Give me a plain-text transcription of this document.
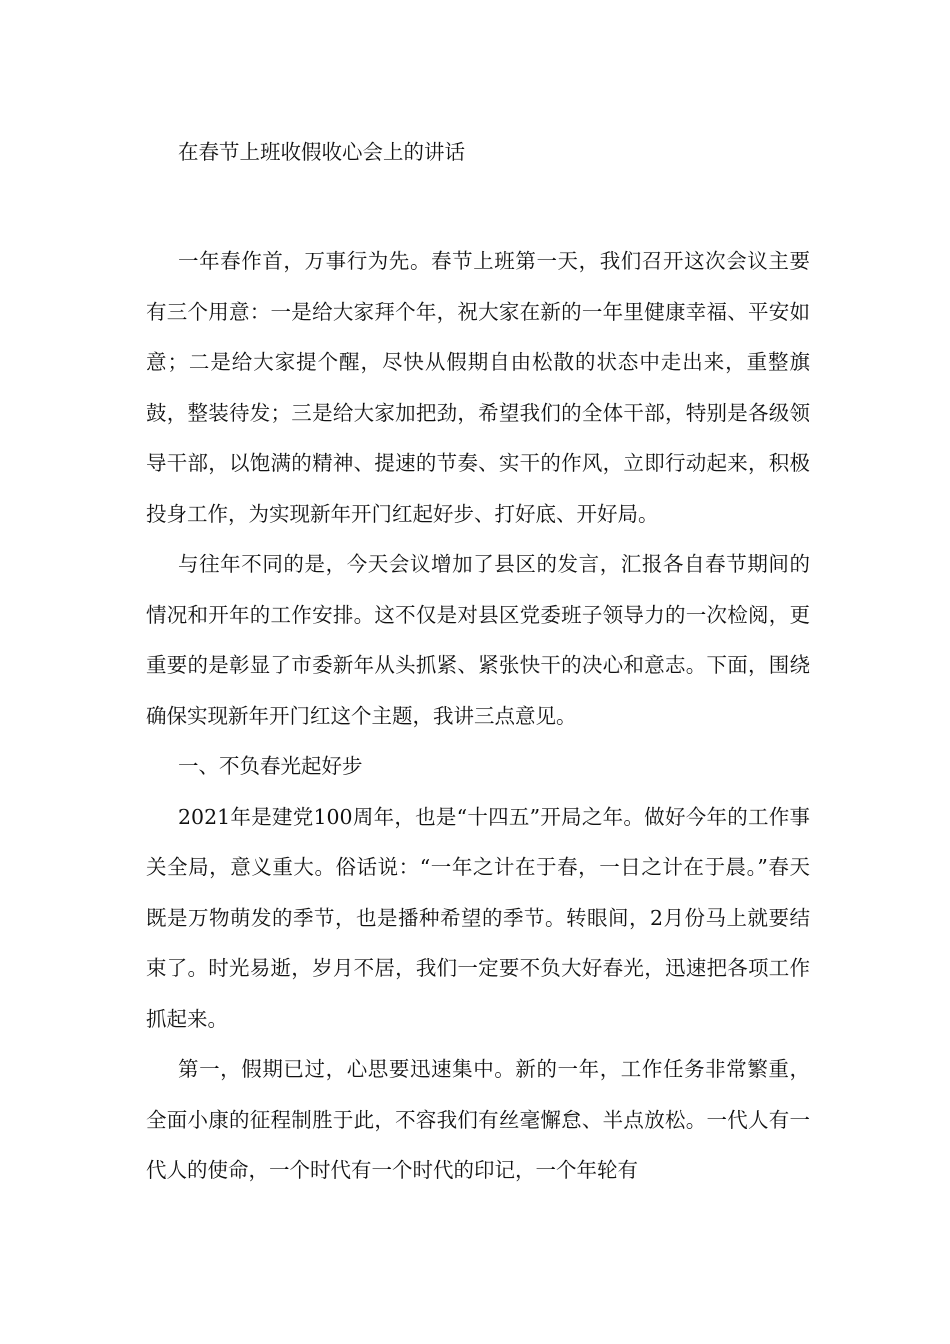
在春节上班收假收心会上的讲话

一年春作首，万事行为先。春节上班第一天，我们召开这次会议主要有三个用意：一是给大家拜个年，祝大家在新的一年里健康幸福、平安如意；二是给大家提个醒，尽快从假期自由松散的状态中走出来，重整旗鼓，整装待发；三是给大家加把劲，希望我们的全体干部，特别是各级领导干部，以饱满的精神、提速的节奏、实干的作风，立即行动起来，积极投身工作，为实现新年开门红起好步、打好底、开好局。

与往年不同的是，今天会议增加了县区的发言，汇报各自春节期间的情况和开年的工作安排。这不仅是对县区党委班子领导力的一次检阅，更重要的是彰显了市委新年从头抓紧、紧张快干的决心和意志。下面，围绕确保实现新年开门红这个主题，我讲三点意见。

一、不负春光起好步

2021年是建党100周年，也是“十四五”开局之年。做好今年的工作事关全局，意义重大。俗话说：“一年之计在于春，一日之计在于晨。”春天既是万物萌发的季节，也是播种希望的季节。转眼间，2月份马上就要结束了。时光易逝，岁月不居，我们一定要不负大好春光，迅速把各项工作抓起来。

第一，假期已过，心思要迅速集中。新的一年，工作任务非常繁重，全面小康的征程制胜于此，不容我们有丝毫懈怠、半点放松。一代人有一代人的使命，一个时代有一个时代的印记，一个年轮有
